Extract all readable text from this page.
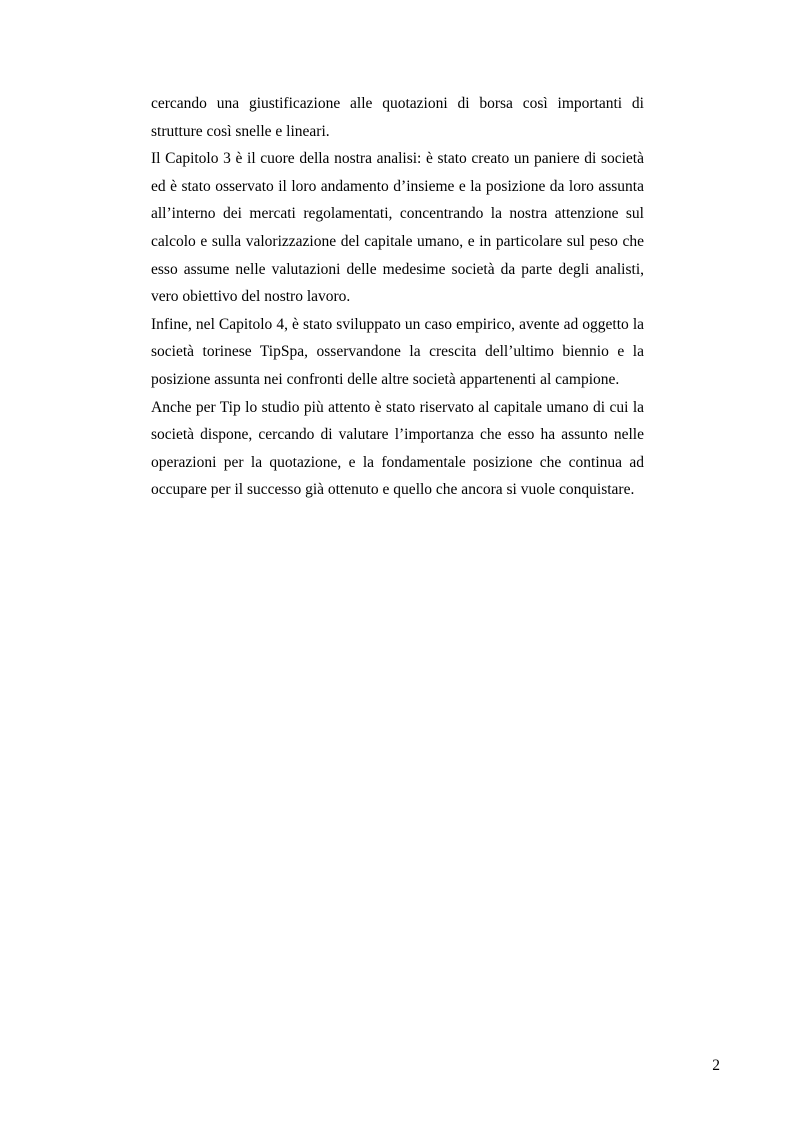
cercando una giustificazione alle quotazioni di borsa così importanti di strutture così snelle e lineari.

Il Capitolo 3 è il cuore della nostra analisi: è stato creato un paniere di società ed è stato osservato il loro andamento d’insieme e la posizione da loro assunta all’interno dei mercati regolamentati, concentrando la nostra attenzione sul calcolo e sulla valorizzazione del capitale umano, e in particolare sul peso che esso assume nelle valutazioni delle medesime società da parte degli analisti, vero obiettivo del nostro lavoro.

Infine, nel Capitolo 4, è stato sviluppato un caso empirico, avente ad oggetto la società torinese TipSpa, osservandone la crescita dell’ultimo biennio e la posizione assunta nei confronti delle altre società appartenenti al campione.

Anche per Tip lo studio più attento è stato riservato al capitale umano di cui la società dispone, cercando di valutare l’importanza che esso ha assunto nelle operazioni per la quotazione, e la fondamentale posizione che continua ad occupare per il successo già ottenuto e quello che ancora si vuole conquistare.

2
